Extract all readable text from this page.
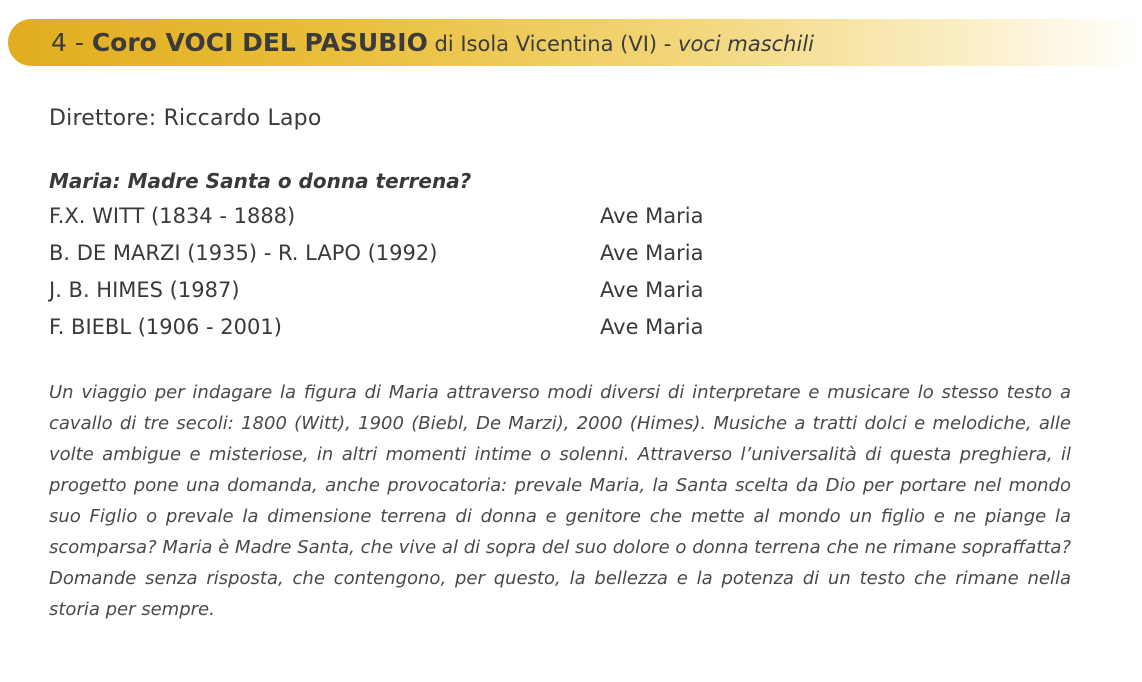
4 - Coro VOCI DEL PASUBIO di Isola Vicentina (VI) - voci maschili
Direttore: Riccardo Lapo
Maria: Madre Santa o donna terrena?
F.X. WITT (1834 - 1888)	Ave Maria
B. DE MARZI (1935) - R. LAPO (1992)	Ave Maria
J. B. HIMES (1987)	Ave Maria
F. BIEBL (1906 - 2001)	Ave Maria

Un viaggio per indagare la figura di Maria attraverso modi diversi di interpretare e musicare lo stesso testo a cavallo di tre secoli: 1800 (Witt), 1900 (Biebl, De Marzi), 2000 (Himes). Musiche a tratti dolci e melodiche, alle volte ambigue e misteriose, in altri momenti intime o solenni. Attraverso l’universalità di questa preghiera, il progetto pone una domanda, anche provocatoria: prevale Maria, la Santa scelta da Dio per portare nel mondo suo Figlio o prevale la dimensione terrena di donna e genitore che mette al mondo un figlio e ne piange la scomparsa? Maria è Madre Santa, che vive al di sopra del suo dolore o donna terrena che ne rimane sopraffatta? Domande senza risposta, che contengono, per questo, la bellezza e la potenza di un testo che rimane nella storia per sempre.
